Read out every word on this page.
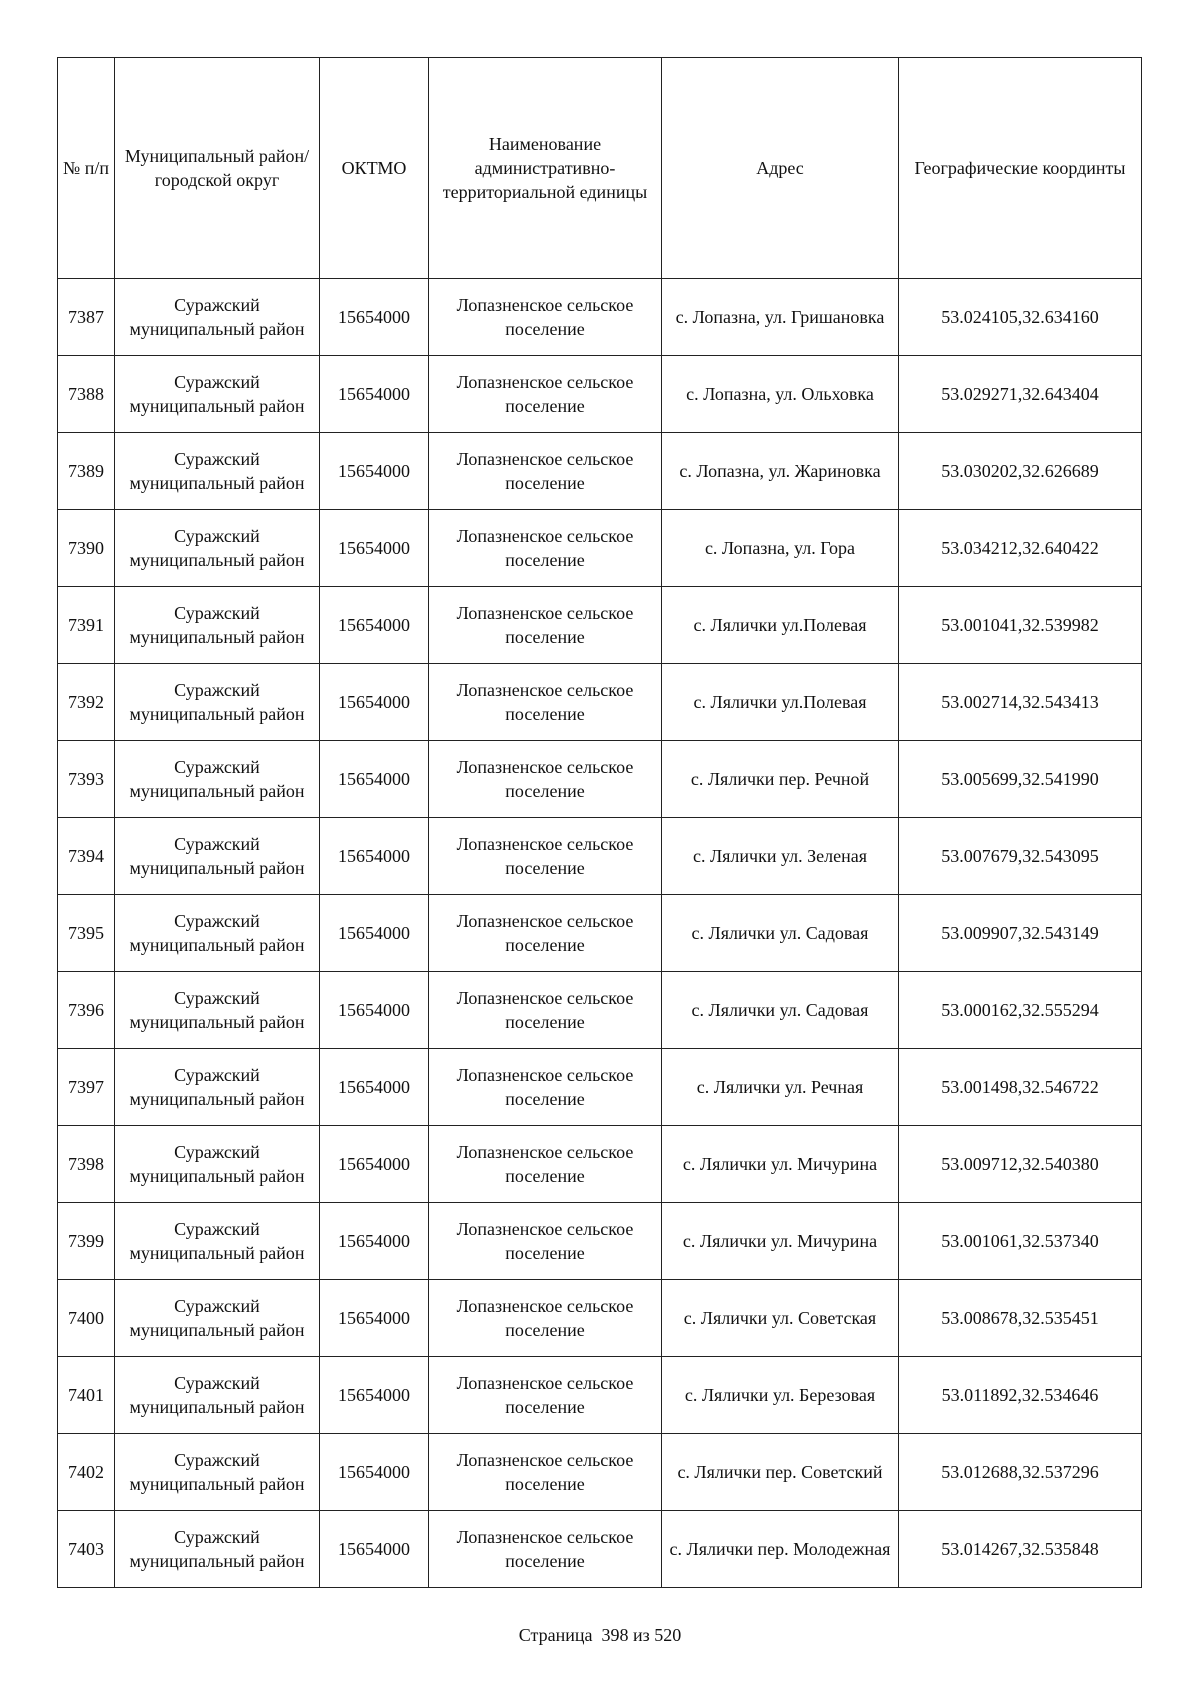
№ п/п	Муниципальный район/городской округ	ОКТМО	Наименование административно-территориальной единицы	Адрес	Географические координты
7387	Суражский муниципальный район	15654000	Лопазненское сельское поселение	с. Лопазна, ул. Гришановка	53.024105,32.634160
7388	Суражский муниципальный район	15654000	Лопазненское сельское поселение	с. Лопазна, ул. Ольховка	53.029271,32.643404
7389	Суражский муниципальный район	15654000	Лопазненское сельское поселение	с. Лопазна, ул. Жариновка	53.030202,32.626689
7390	Суражский муниципальный район	15654000	Лопазненское сельское поселение	с. Лопазна, ул. Гора	53.034212,32.640422
7391	Суражский муниципальный район	15654000	Лопазненское сельское поселение	с. Лялички ул.Полевая	53.001041,32.539982
7392	Суражский муниципальный район	15654000	Лопазненское сельское поселение	с. Лялички ул.Полевая	53.002714,32.543413
7393	Суражский муниципальный район	15654000	Лопазненское сельское поселение	с. Лялички пер. Речной	53.005699,32.541990
7394	Суражский муниципальный район	15654000	Лопазненское сельское поселение	с. Лялички ул. Зеленая	53.007679,32.543095
7395	Суражский муниципальный район	15654000	Лопазненское сельское поселение	с. Лялички ул. Садовая	53.009907,32.543149
7396	Суражский муниципальный район	15654000	Лопазненское сельское поселение	с. Лялички ул. Садовая	53.000162,32.555294
7397	Суражский муниципальный район	15654000	Лопазненское сельское поселение	с. Лялички ул. Речная	53.001498,32.546722
7398	Суражский муниципальный район	15654000	Лопазненское сельское поселение	с. Лялички ул. Мичурина	53.009712,32.540380
7399	Суражский муниципальный район	15654000	Лопазненское сельское поселение	с. Лялички ул. Мичурина	53.001061,32.537340
7400	Суражский муниципальный район	15654000	Лопазненское сельское поселение	с. Лялички ул. Советская	53.008678,32.535451
7401	Суражский муниципальный район	15654000	Лопазненское сельское поселение	с. Лялички ул. Березовая	53.011892,32.534646
7402	Суражский муниципальный район	15654000	Лопазненское сельское поселение	с. Лялички пер. Советский	53.012688,32.537296
7403	Суражский муниципальный район	15654000	Лопазненское сельское поселение	с. Лялички пер. Молодежная	53.014267,32.535848
Страница  398 из 520
